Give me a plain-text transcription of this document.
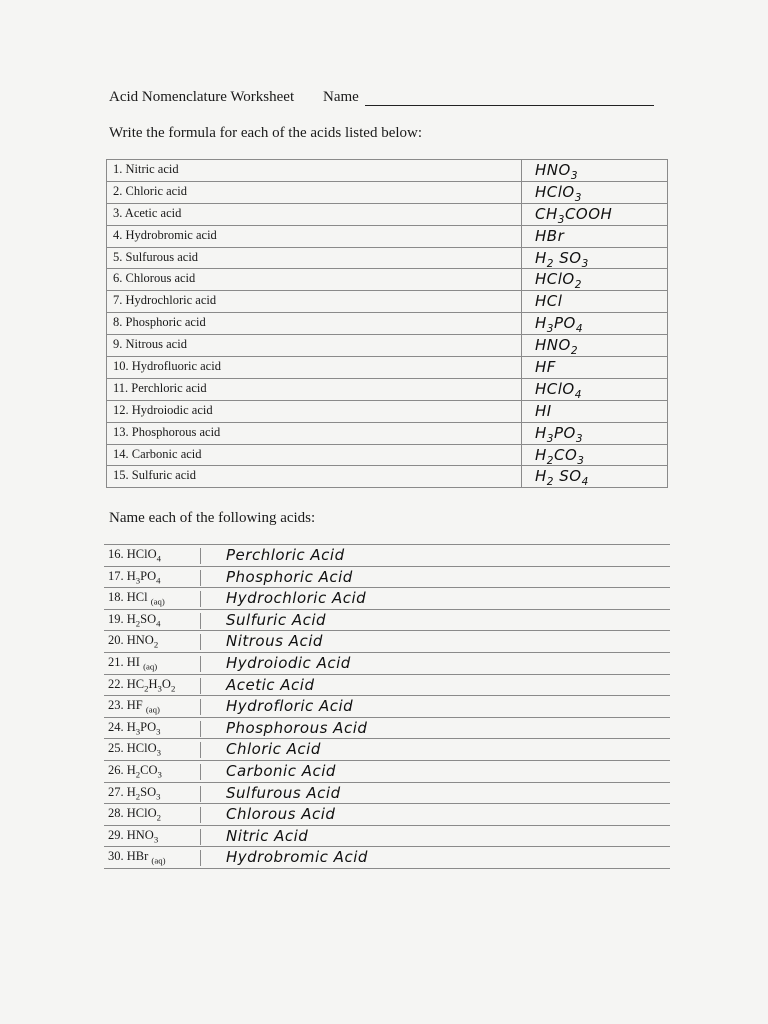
Acid Nomenclature Worksheet Name
Write the formula for each of the acids listed below:
1. Nitric acid	$HNO_3$
2. Chloric acid	HClO$_3$
3. Acetic acid	$CH_3COOH$
4. Hydrobromic acid	HBr
5. Sulfurous acid	$H_2$ $SO_3$
6. Chlorous acid	HClO$_2$
7. Hydrochloric acid	HCl
8. Phosphoric acid	$H_3PO_4$
9. Nitrous acid	$HNO_2$
10. Hydrofluoric acid	HF
11. Perchloric acid	HClO$_4$
12. Hydroiodic acid	HI
13. Phosphorous acid	$H_3PO_3$
14. Carbonic acid	$H_2CO_3$
15. Sulfuric acid	$H_2$ $SO_4$
Name each of the following acids:
16. HClO$_4$	Perchloric Acid
17. $H_3PO_4$	Phosphoric Acid
18. HCl $_{(aq)}$	Hydrochloric Acid
19. $H_2SO_4$	Sulfuric Acid
20. $HNO_2$	Nitrous Acid
21. HI $_{(aq)}$	Hydroiodic Acid
22. $HC_2H_3O_2$	Acetic Acid
23. HF $_{(aq)}$	Hydrofloric Acid
24. $H_3PO_3$	Phosphorous Acid
25. HClO$_3$	Chloric Acid
26. $H_2CO_3$	Carbonic Acid
27. $H_2SO_3$	Sulfurous Acid
28. HClO$_2$	Chlorous Acid
29. $HNO_3$	Nitric Acid
30. HBr $_{(aq)}$	Hydrobromic Acid
